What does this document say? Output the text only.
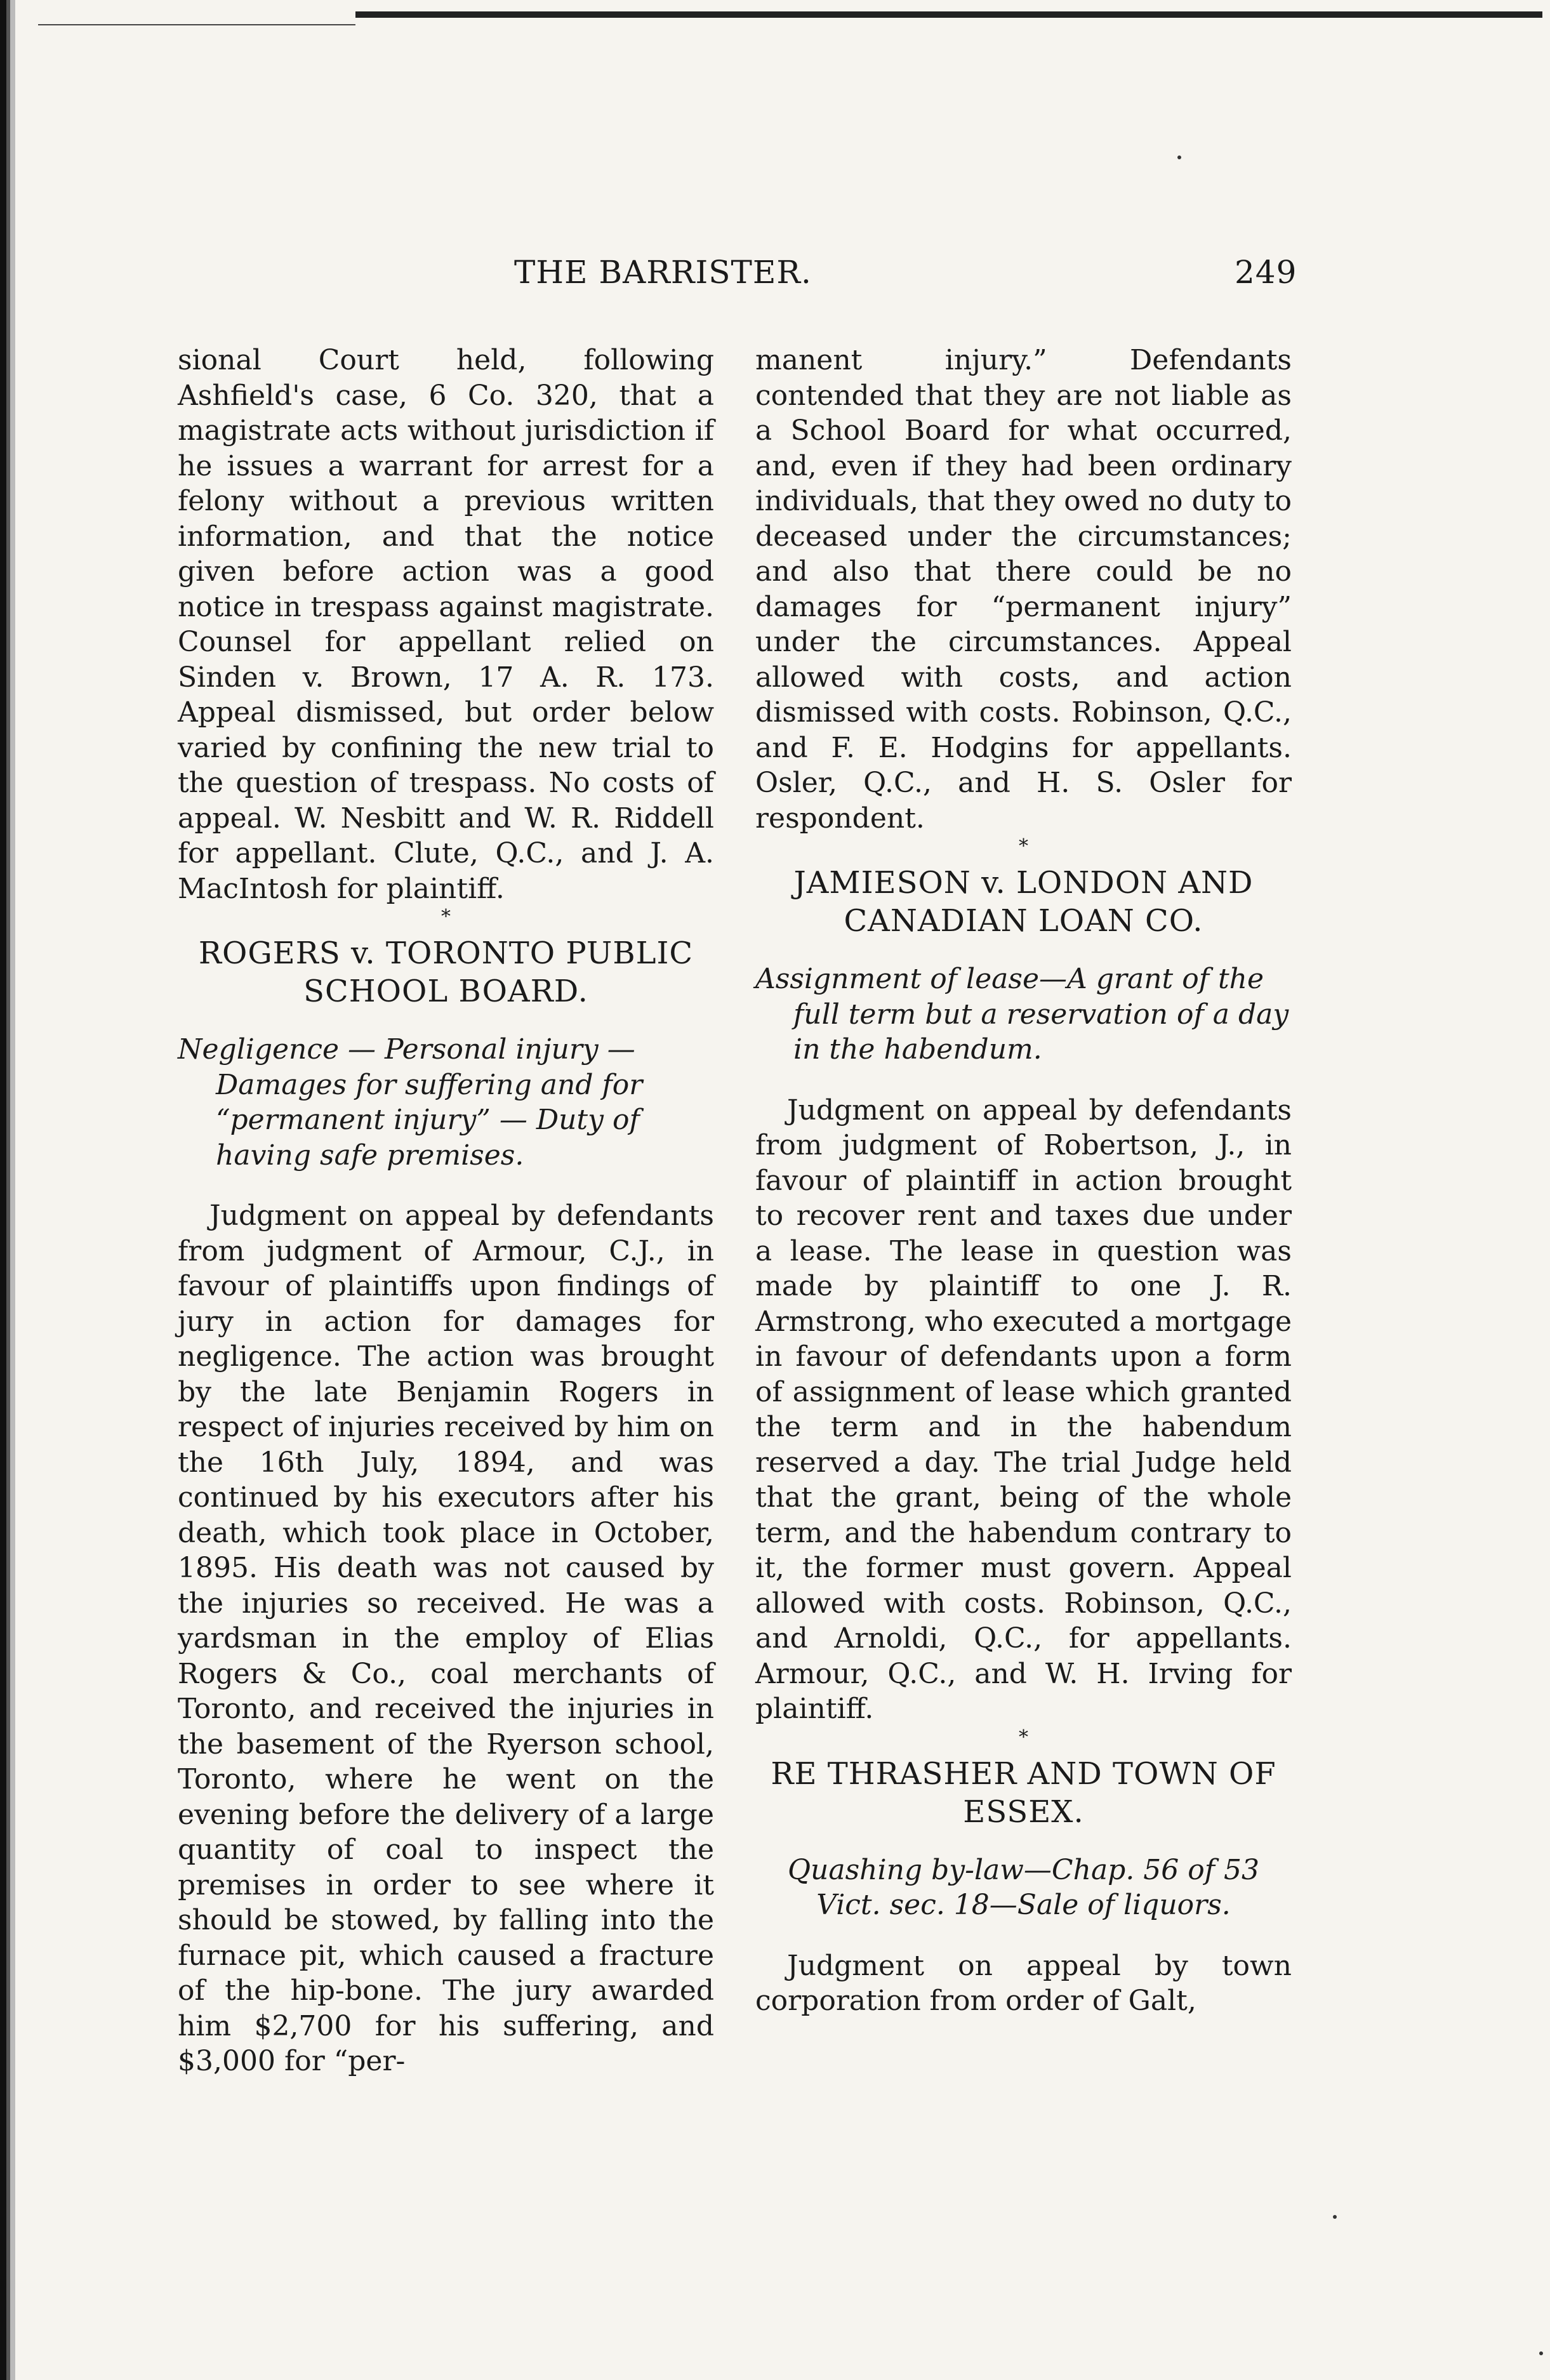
THE BARRISTER.	249

sional Court held, following Ashfield's case, 6 Co. 320, that a magistrate acts without jurisdiction if he issues a warrant for arrest for a felony without a previous written information, and that the notice given before action was a good notice in trespass against magistrate. Counsel for appellant relied on Sinden v. Brown, 17 A. R. 173. Appeal dismissed, but order below varied by confining the new trial to the question of trespass. No costs of appeal. W. Nesbitt and W. R. Riddell for appellant. Clute, Q.C., and J. A. MacIntosh for plaintiff.

*

ROGERS v. TORONTO PUBLIC SCHOOL BOARD.
Negligence — Personal injury — Damages for suffering and for “permanent injury” — Duty of having safe premises.

Judgment on appeal by defendants from judgment of Armour, C.J., in favour of plaintiffs upon findings of jury in action for damages for negligence. The action was brought by the late Benjamin Rogers in respect of injuries received by him on the 16th July, 1894, and was continued by his executors after his death, which took place in October, 1895. His death was not caused by the injuries so received. He was a yardsman in the employ of Elias Rogers & Co., coal merchants of Toronto, and received the injuries in the basement of the Ryerson school, Toronto, where he went on the evening before the delivery of a large quantity of coal to inspect the premises in order to see where it should be stowed, by falling into the furnace pit, which caused a fracture of the hip-bone. The jury awarded him $2,700 for his suffering, and $3,000 for “per-

manent injury.” Defendants contended that they are not liable as a School Board for what occurred, and, even if they had been ordinary individuals, that they owed no duty to deceased under the circumstances; and also that there could be no damages for “permanent injury” under the circumstances. Appeal allowed with costs, and action dismissed with costs. Robinson, Q.C., and F. E. Hodgins for appellants. Osler, Q.C., and H. S. Osler for respondent.

*

JAMIESON v. LONDON AND CANADIAN LOAN CO.
Assignment of lease—A grant of the full term but a reservation of a day in the habendum.

Judgment on appeal by defendants from judgment of Robertson, J., in favour of plaintiff in action brought to recover rent and taxes due under a lease. The lease in question was made by plaintiff to one J. R. Armstrong, who executed a mortgage in favour of defendants upon a form of assignment of lease which granted the term and in the habendum reserved a day. The trial Judge held that the grant, being of the whole term, and the habendum contrary to it, the former must govern. Appeal allowed with costs. Robinson, Q.C., and Arnoldi, Q.C., for appellants. Armour, Q.C., and W. H. Irving for plaintiff.

*

RE THRASHER AND TOWN OF ESSEX.
Quashing by-law—Chap. 56 of 53 Vict. sec. 18—Sale of liquors.

Judgment on appeal by town corporation from order of Galt,
